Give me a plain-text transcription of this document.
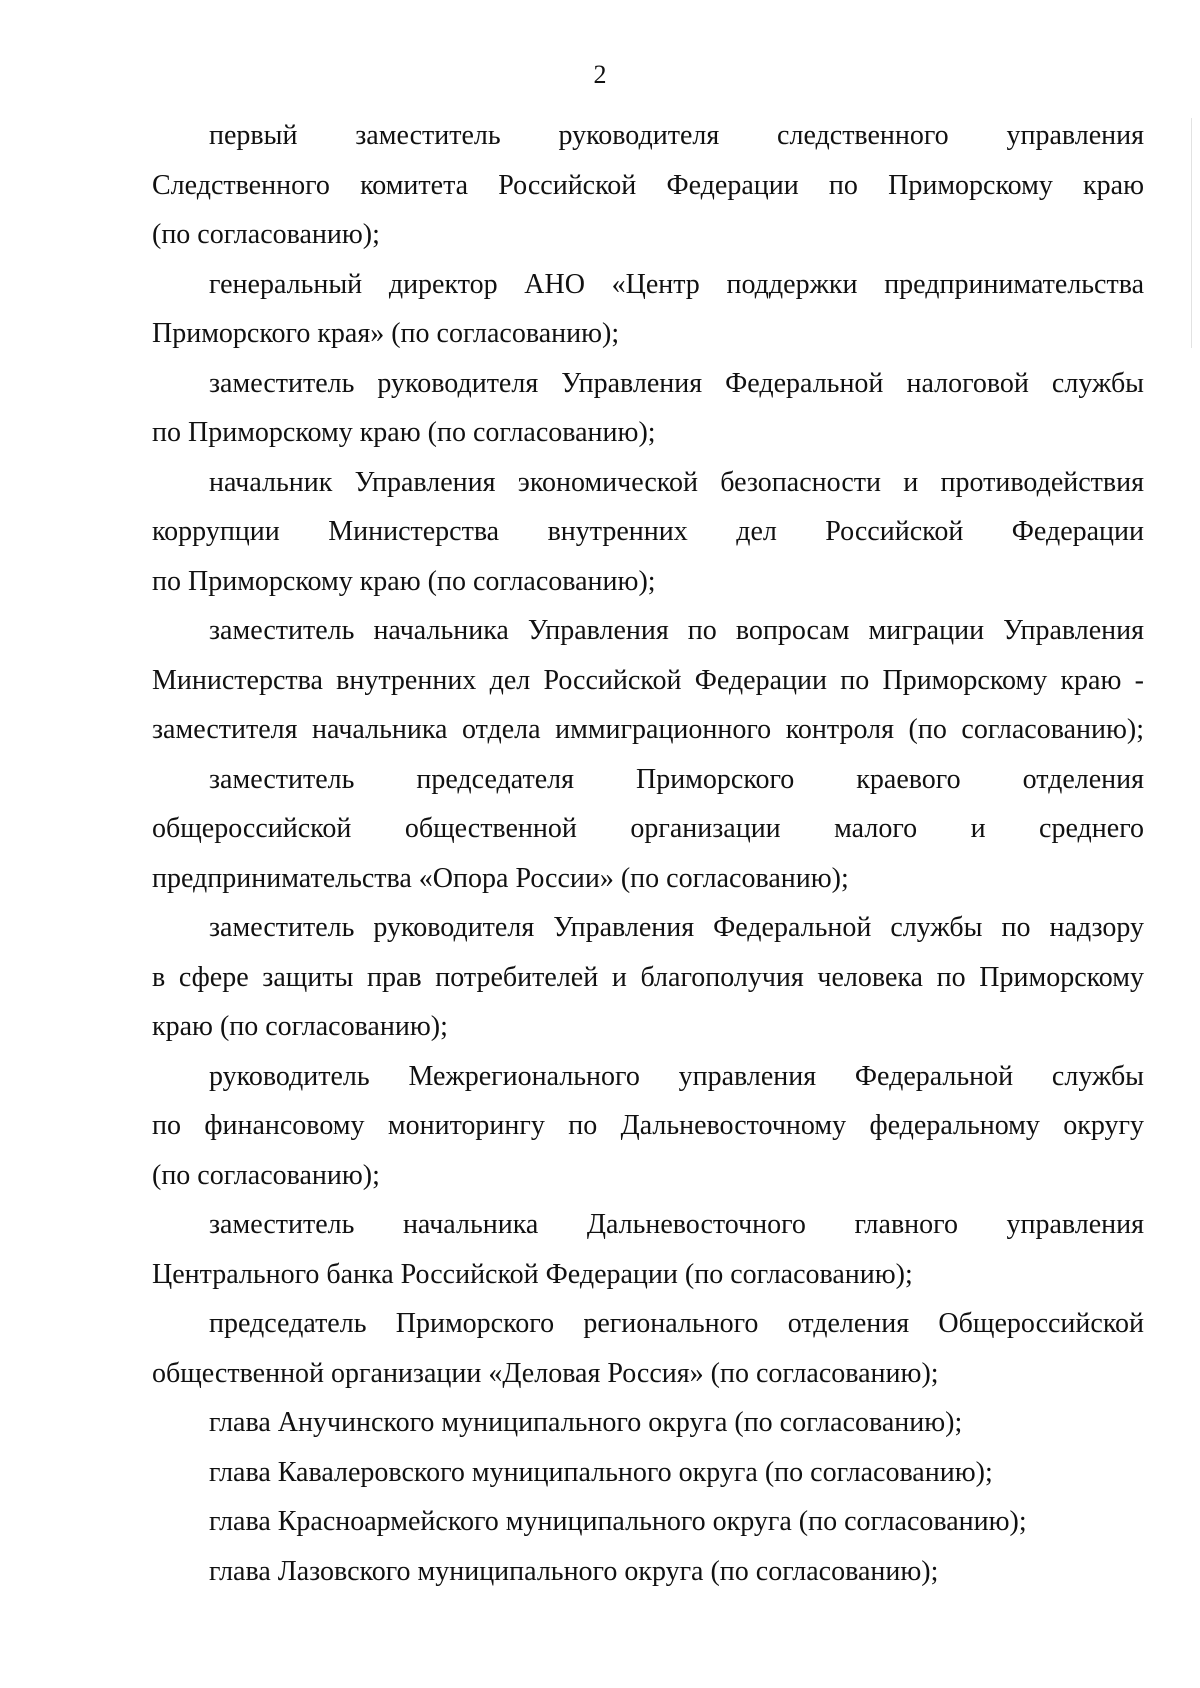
2
первый заместитель руководителя следственного управления
Следственного комитета Российской Федерации по Приморскому краю
(по согласованию);
генеральный директор АНО «Центр поддержки предпринимательства
Приморского края» (по согласованию);
заместитель руководителя Управления Федеральной налоговой службы
по Приморскому краю (по согласованию);
начальник Управления экономической безопасности и противодействия
коррупции Министерства внутренних дел Российской Федерации
по Приморскому краю (по согласованию);
заместитель начальника Управления по вопросам миграции Управления
Министерства внутренних дел Российской Федерации по Приморскому краю -
заместителя начальника отдела иммиграционного контроля (по согласованию);
заместитель председателя Приморского краевого отделения
общероссийской общественной организации малого и среднего
предпринимательства «Опора России» (по согласованию);
заместитель руководителя Управления Федеральной службы по надзору
в сфере защиты прав потребителей и благополучия человека по Приморскому
краю (по согласованию);
руководитель Межрегионального управления Федеральной службы
по финансовому мониторингу по Дальневосточному федеральному округу
(по согласованию);
заместитель начальника Дальневосточного главного управления
Центрального банка Российской Федерации (по согласованию);
председатель Приморского регионального отделения Общероссийской
общественной организации «Деловая Россия» (по согласованию);
глава Анучинского муниципального округа (по согласованию);
глава Кавалеровского муниципального округа (по согласованию);
глава Красноармейского муниципального округа (по согласованию);
глава Лазовского муниципального округа (по согласованию);
